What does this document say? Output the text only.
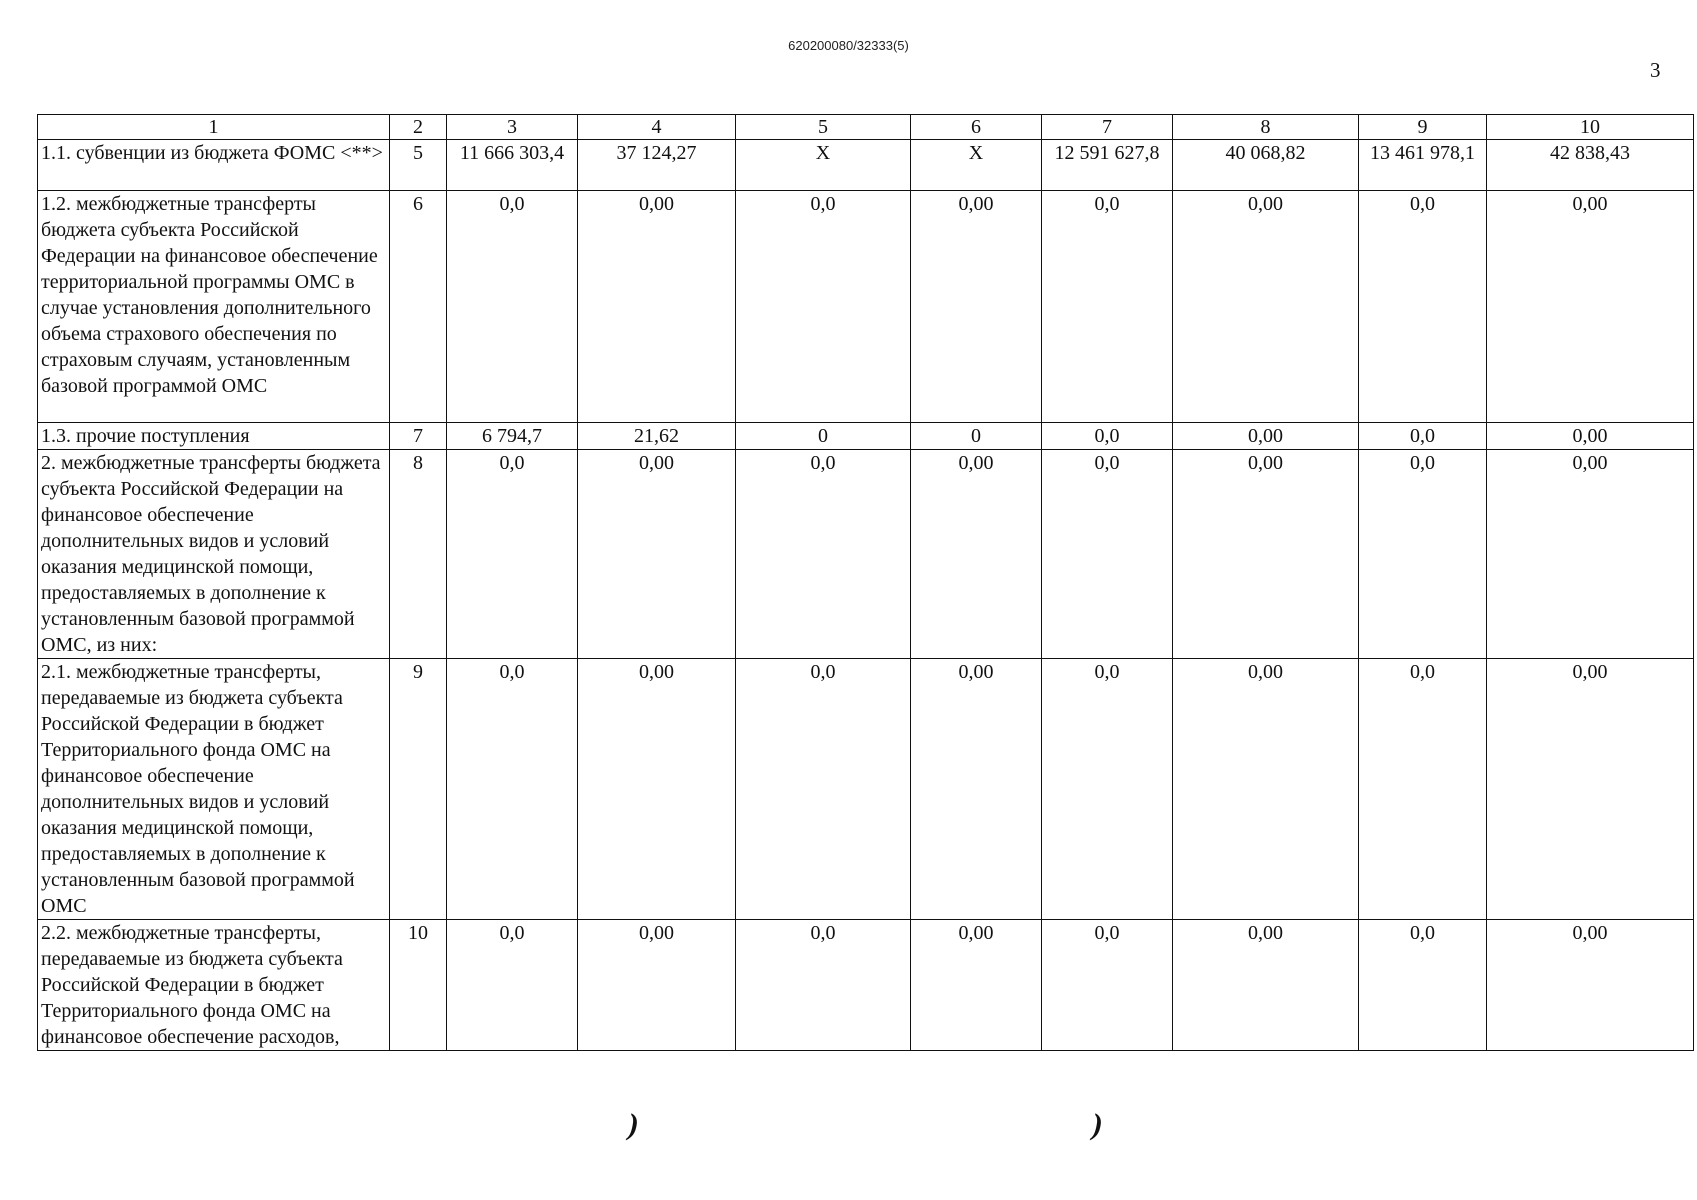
620200080/32333(5)
3
1	2	3	4	5	6	7	8	9	10
1.1. субвенции из бюджета ФОМС <**>	5	11 666 303,4	37 124,27	X	X	12 591 627,8	40 068,82	13 461 978,1	42 838,43
1.2. межбюджетные трансферты бюджета субъекта Российской Федерации на финансовое обеспечение территориальной программы ОМС в случае установления дополнительного объема страхового обеспечения по страховым случаям, установленным базовой программой ОМС	6	0,0	0,00	0,0	0,00	0,0	0,00	0,0	0,00
1.3. прочие поступления	7	6 794,7	21,62	0	0	0,0	0,00	0,0	0,00
2. межбюджетные трансферты бюджета субъекта Российской Федерации на финансовое обеспечение дополнительных видов и условий оказания медицинской помощи, предоставляемых в дополнение к установленным базовой программой ОМС, из них:	8	0,0	0,00	0,0	0,00	0,0	0,00	0,0	0,00
2.1. межбюджетные трансферты, передаваемые из бюджета субъекта Российской Федерации в бюджет Территориального фонда ОМС на финансовое обеспечение дополнительных видов и условий оказания медицинской помощи, предоставляемых в дополнение к установленным базовой программой ОМС	9	0,0	0,00	0,0	0,00	0,0	0,00	0,0	0,00
2.2. межбюджетные трансферты, передаваемые из бюджета субъекта Российской Федерации в бюджет Территориального фонда ОМС на финансовое обеспечение расходов,	10	0,0	0,00	0,0	0,00	0,0	0,00	0,0	0,00
)	)
